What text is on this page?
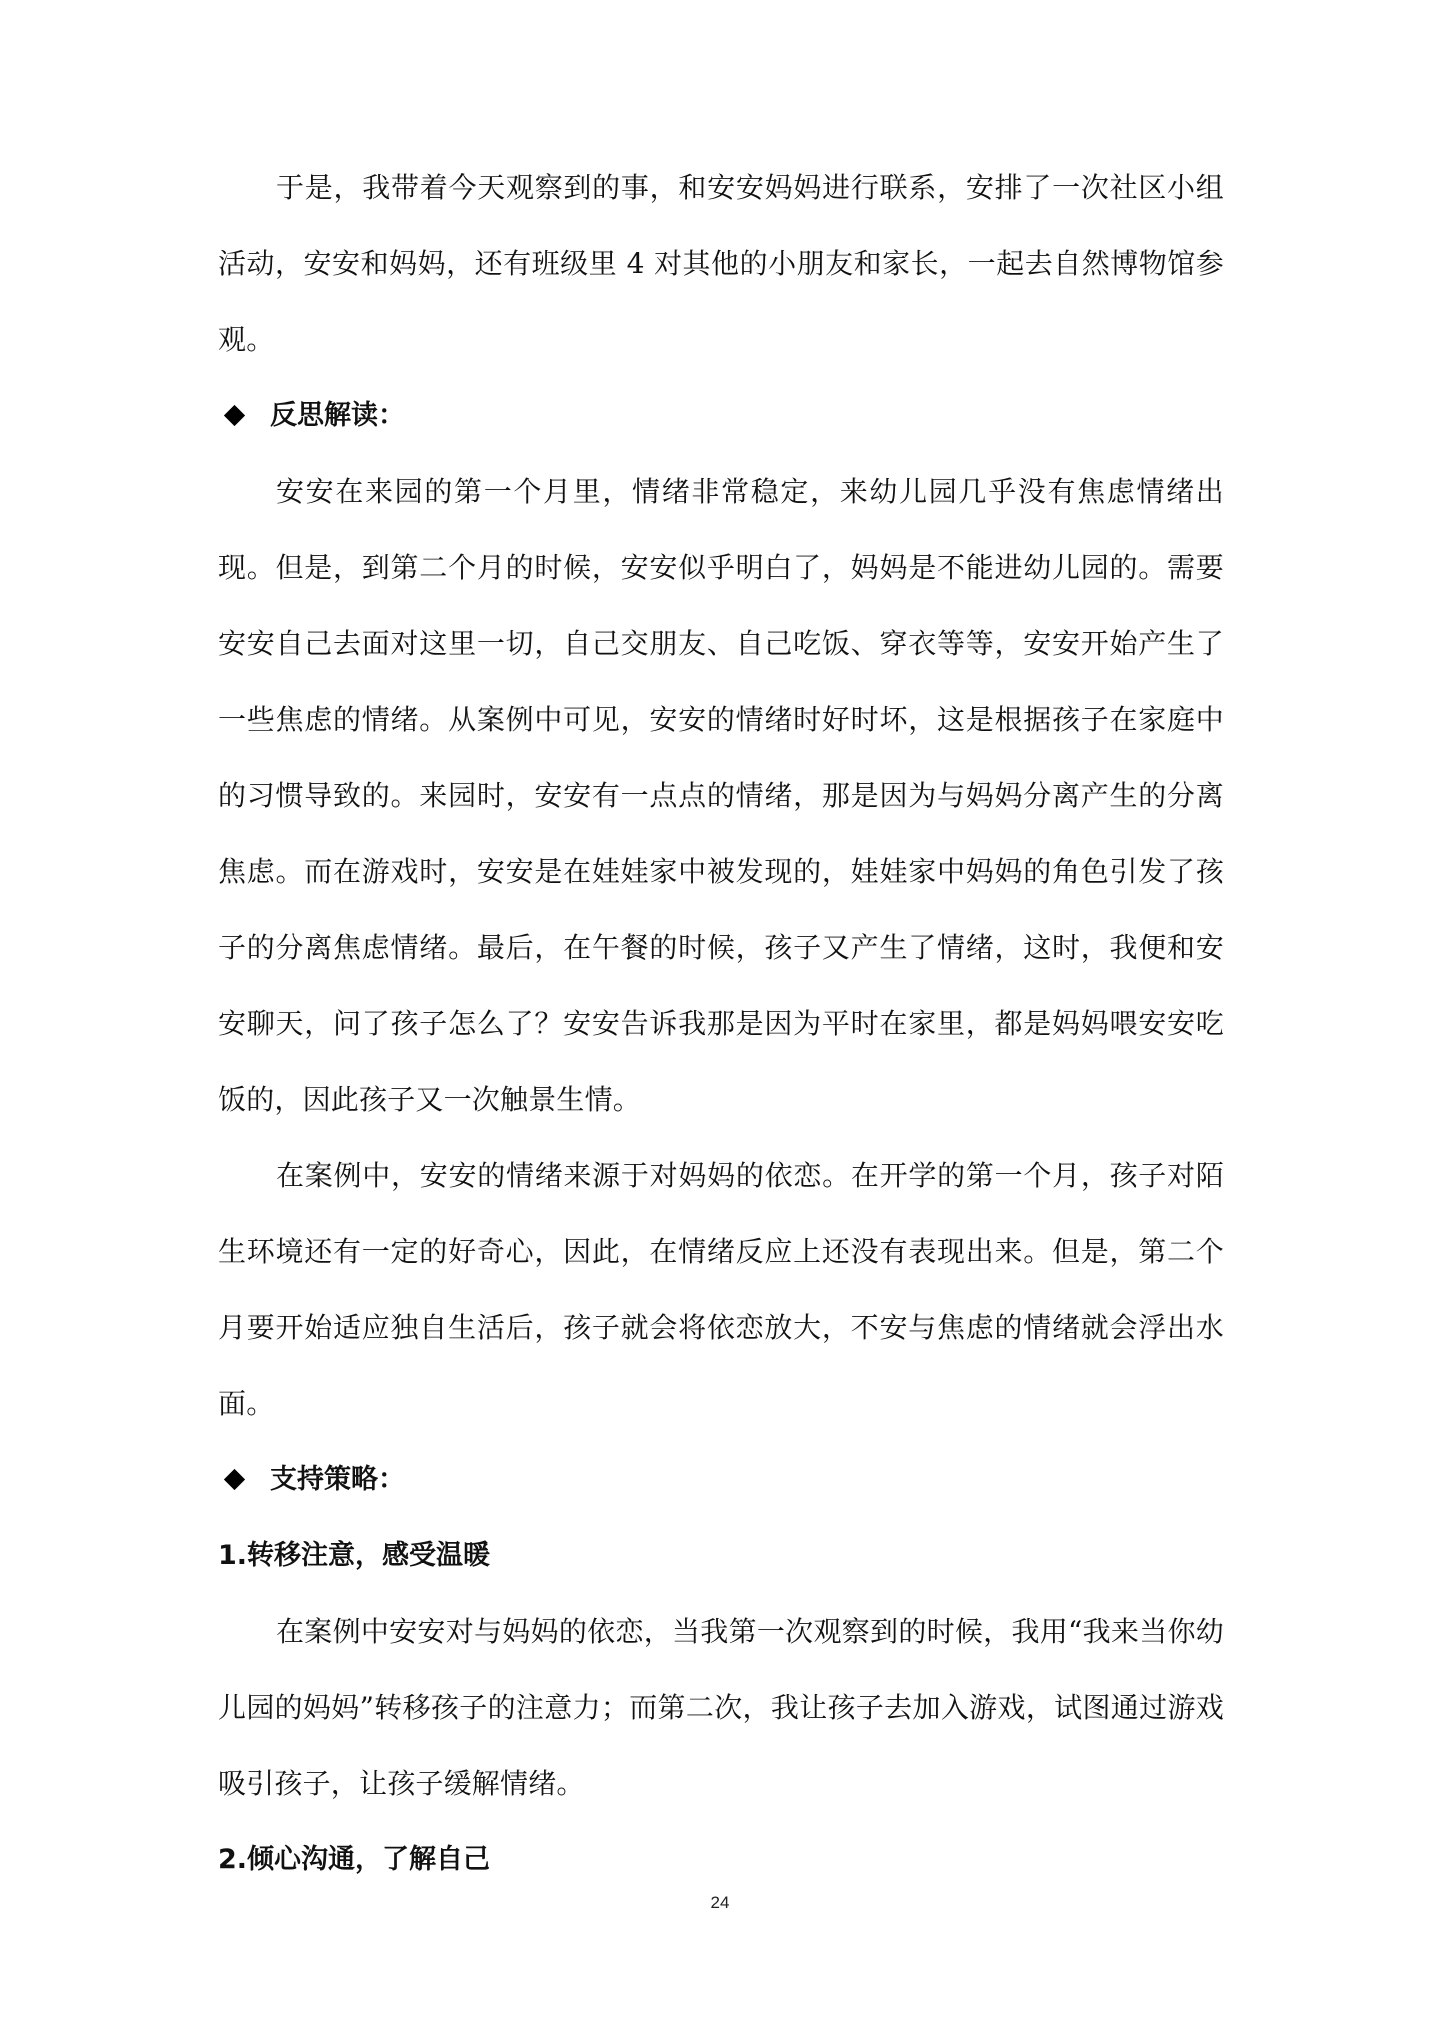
于是，我带着今天观察到的事，和安安妈妈进行联系，安排了一次社区小组活动，安安和妈妈，还有班级里 4 对其他的小朋友和家长，一起去自然博物馆参观。

反思解读：

安安在来园的第一个月里，情绪非常稳定，来幼儿园几乎没有焦虑情绪出现。但是，到第二个月的时候，安安似乎明白了，妈妈是不能进幼儿园的。需要安安自己去面对这里一切，自己交朋友、自己吃饭、穿衣等等，安安开始产生了一些焦虑的情绪。从案例中可见，安安的情绪时好时坏，这是根据孩子在家庭中的习惯导致的。来园时，安安有一点点的情绪，那是因为与妈妈分离产生的分离焦虑。而在游戏时，安安是在娃娃家中被发现的，娃娃家中妈妈的角色引发了孩子的分离焦虑情绪。最后，在午餐的时候，孩子又产生了情绪，这时，我便和安安聊天，问了孩子怎么了？安安告诉我那是因为平时在家里，都是妈妈喂安安吃饭的，因此孩子又一次触景生情。

在案例中，安安的情绪来源于对妈妈的依恋。在开学的第一个月，孩子对陌生环境还有一定的好奇心，因此，在情绪反应上还没有表现出来。但是，第二个月要开始适应独自生活后，孩子就会将依恋放大，不安与焦虑的情绪就会浮出水面。

支持策略：

1.转移注意，感受温暖

在案例中安安对与妈妈的依恋，当我第一次观察到的时候，我用“我来当你幼儿园的妈妈”转移孩子的注意力；而第二次，我让孩子去加入游戏，试图通过游戏吸引孩子，让孩子缓解情绪。

2.倾心沟通，了解自己

24
